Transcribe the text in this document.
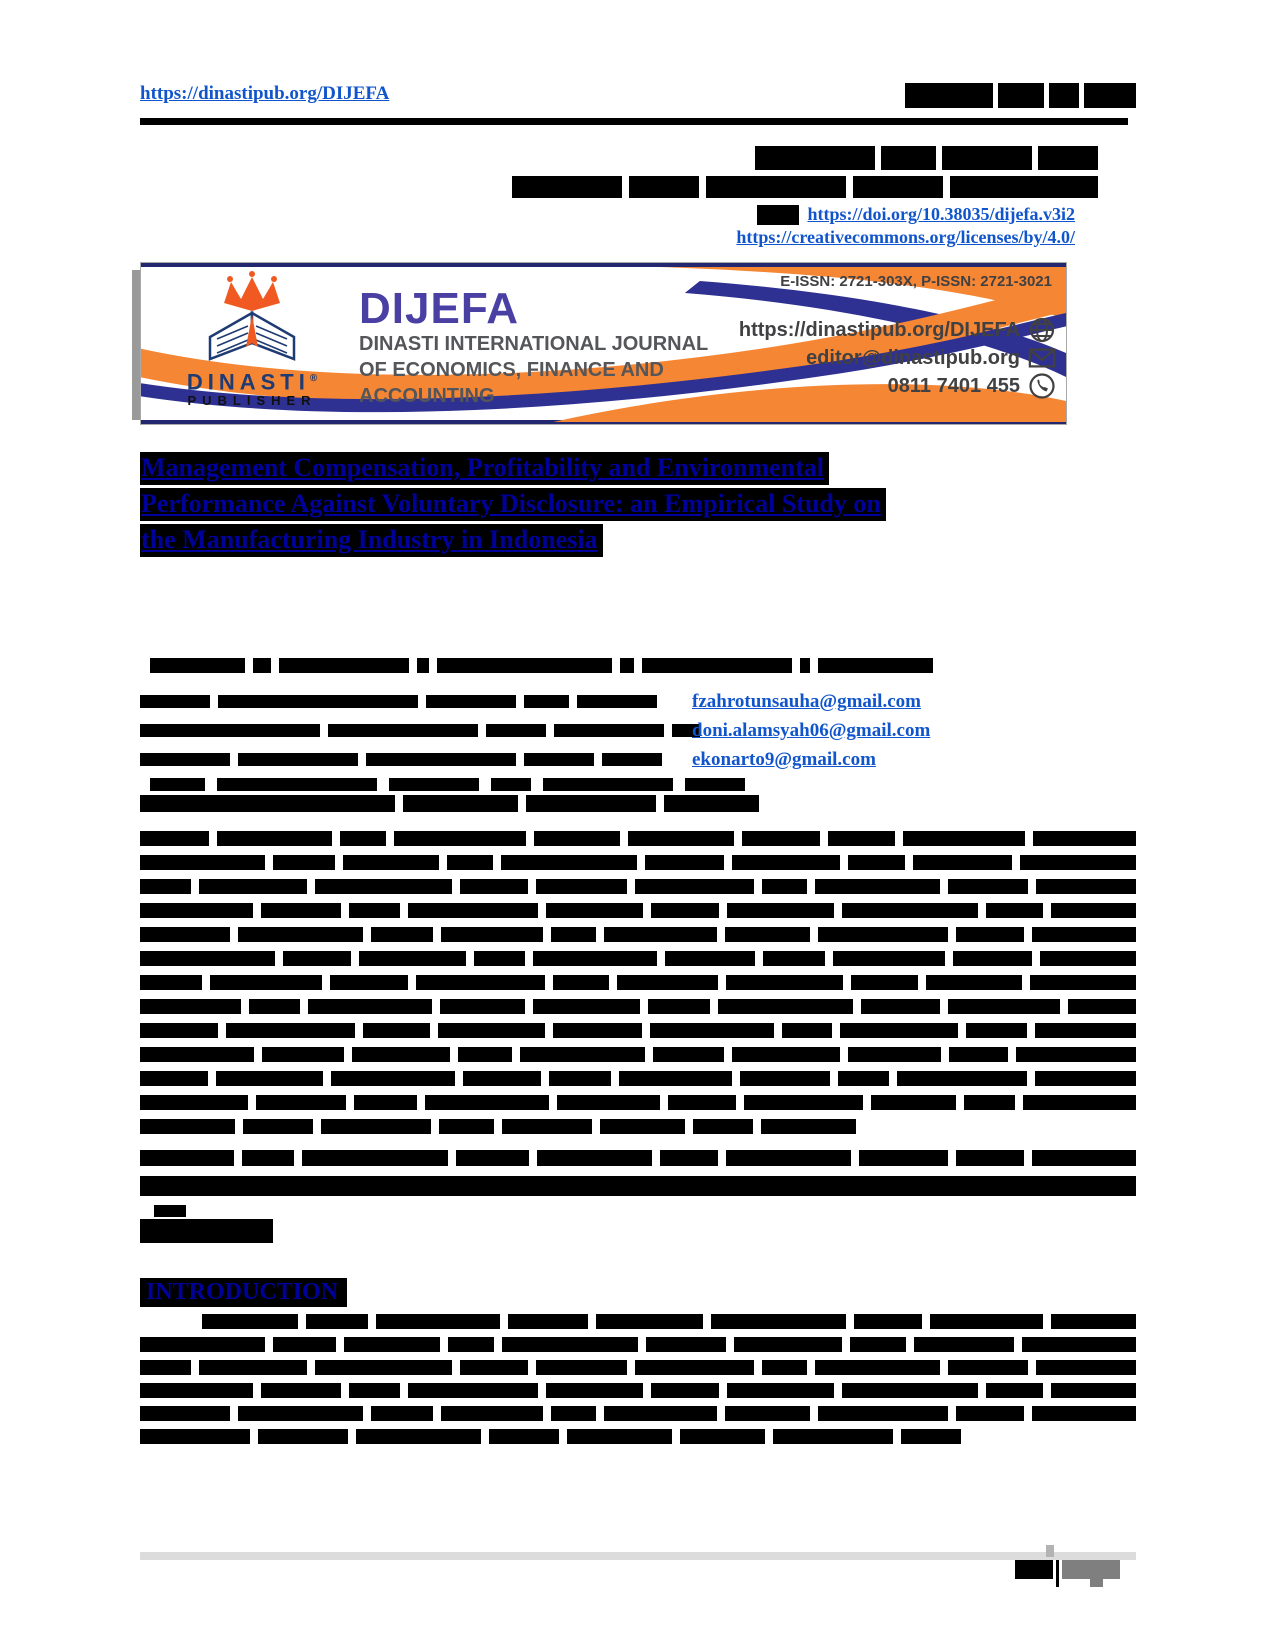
https://dinastipub.org/DIJEFA
https://doi.org/10.38035/dijefa.v3i2
https://creativecommons.org/licenses/by/4.0/
DINASTI®
PUBLISHER
DIJEFA
DINASTI INTERNATIONAL JOURNAL
OF ECONOMICS, FINANCE AND
ACCOUNTING
E-ISSN: 2721-303X, P-ISSN: 2721-3021
https://dinastipub.org/DIJEFA
editor@dinastipub.org
0811 7401 455
Management Compensation, Profitability and Environmental
Performance Against Voluntary Disclosure: an Empirical Study on
the Manufacturing Industry in Indonesia
fzahrotunsauha@gmail.com
doni.alamsyah06@gmail.com
ekonarto9@gmail.com
INTRODUCTION
